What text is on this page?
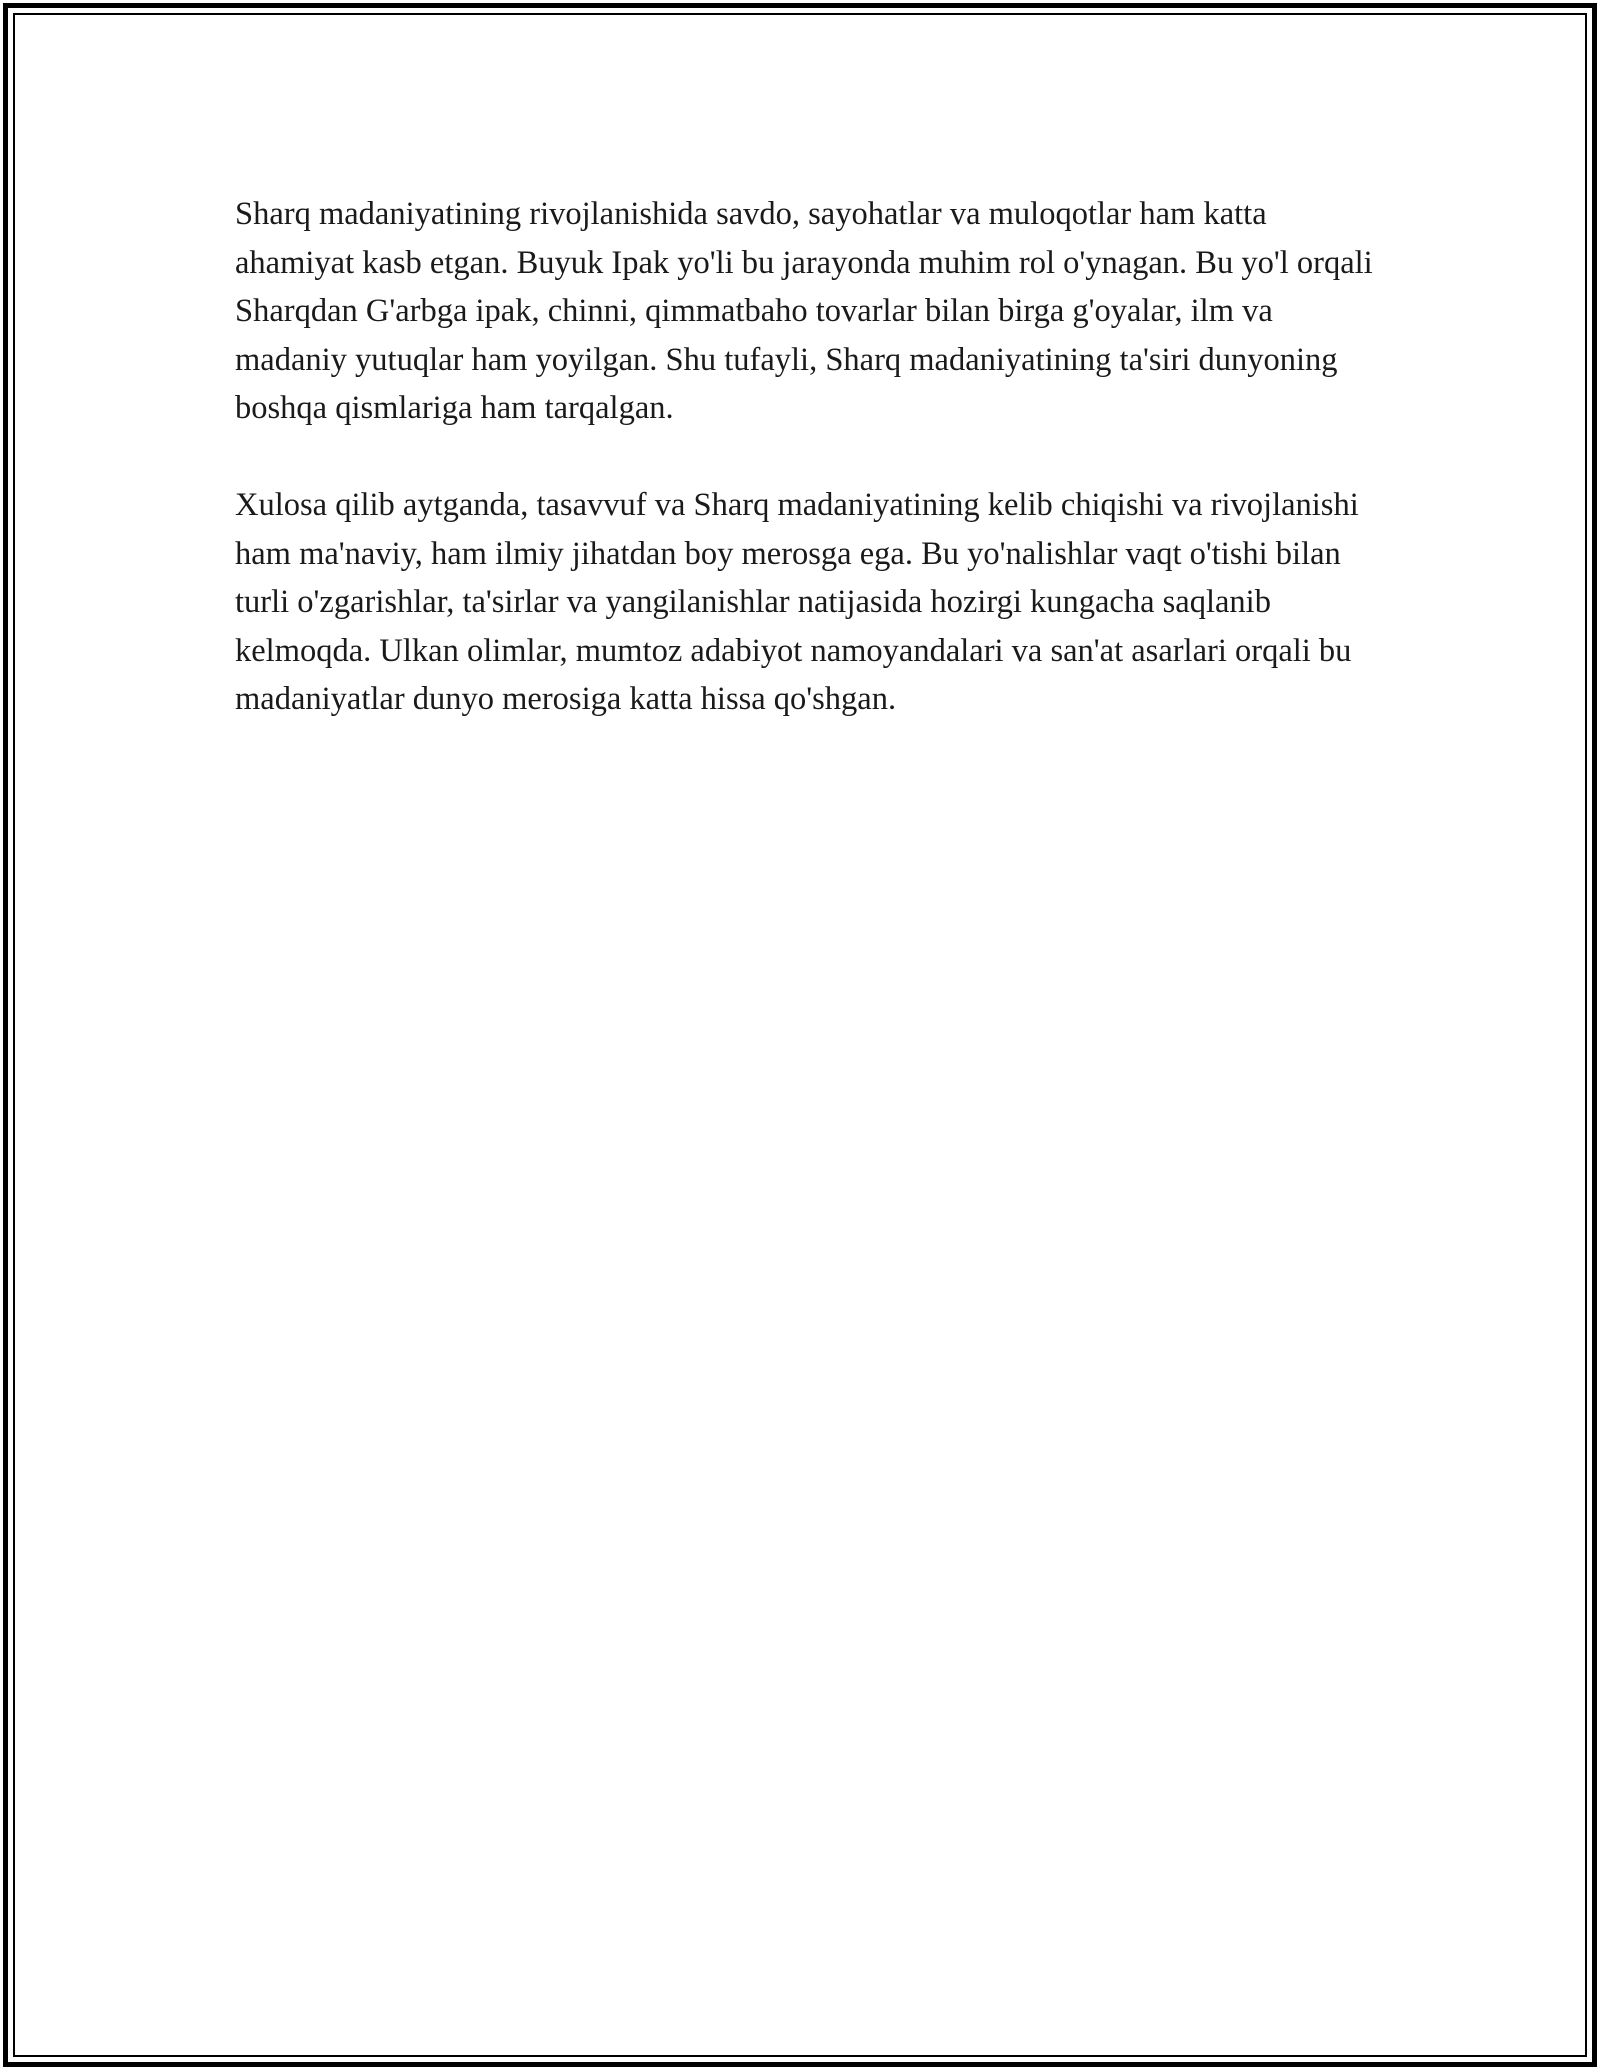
Sharq madaniyatining rivojlanishida savdo, sayohatlar va muloqotlar ham katta ahamiyat kasb etgan. Buyuk Ipak yo'li bu jarayonda muhim rol o'ynagan. Bu yo'l orqali Sharqdan G'arbga ipak, chinni, qimmatbaho tovarlar bilan birga g'oyalar, ilm va madaniy yutuqlar ham yoyilgan. Shu tufayli, Sharq madaniyatining ta'siri dunyoning boshqa qismlariga ham tarqalgan.

Xulosa qilib aytganda, tasavvuf va Sharq madaniyatining kelib chiqishi va rivojlanishi ham ma'naviy, ham ilmiy jihatdan boy merosga ega. Bu yo'nalishlar vaqt o'tishi bilan turli o'zgarishlar, ta'sirlar va yangilanishlar natijasida hozirgi kungacha saqlanib kelmoqda. Ulkan olimlar, mumtoz adabiyot namoyandalari va san'at asarlari orqali bu madaniyatlar dunyo merosiga katta hissa qo'shgan.
